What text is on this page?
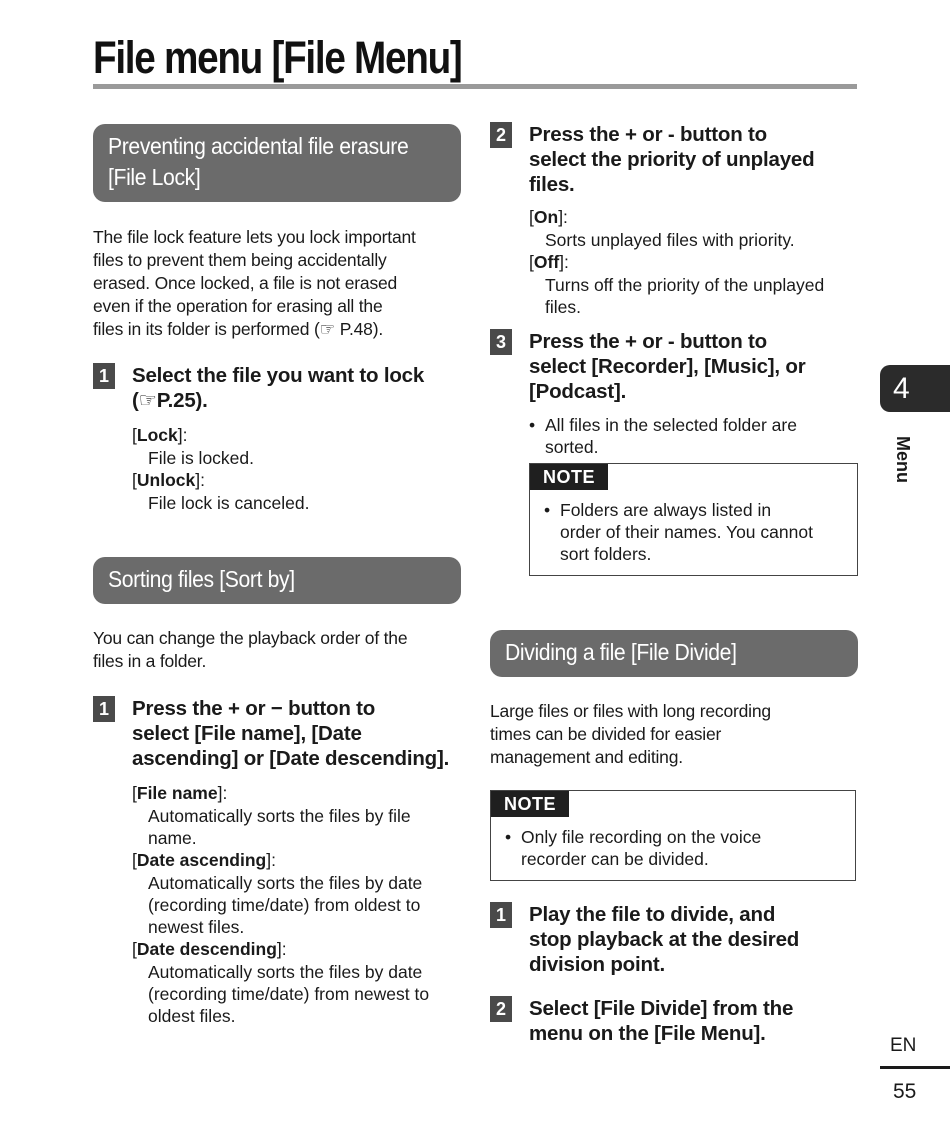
File menu [File Menu]
Preventing accidental file erasure
[File Lock]

The file lock feature lets you lock important

files to prevent them being accidentally

erased. Once locked, a file is not erased

even if the operation for erasing all the

files in its folder is performed (☞ P.48).

1 Select the file you want to lock
(☞P.25).
[Lock]:
File is locked.
[Unlock]:
File lock is canceled.
Sorting files [Sort by]

You can change the playback order of the

files in a folder.

1 Press the + or − button to
select [File name], [Date
ascending] or [Date descending].
[File name]:
Automatically sorts the files by file
name.
[Date ascending]:
Automatically sorts the files by date
(recording time/date) from oldest to
newest files.
[Date descending]:
Automatically sorts the files by date
(recording time/date) from newest to
oldest files.
2 Press the + or - button to
select the priority of unplayed
files.
[On]:
Sorts unplayed files with priority.
[Off]:
Turns off the priority of the unplayed
files.
3 Press the + or - button to
select [Recorder], [Music], or
[Podcast].
• All files in the selected folder are
sorted.
NOTE
• Folders are always listed in
order of their names. You cannot
sort folders.
Dividing a file [File Divide]

Large files or files with long recording

times can be divided for easier

management and editing.

NOTE
• Only file recording on the voice
recorder can be divided.
1 Play the file to divide, and
stop playback at the desired
division point.
2 Select [File Divide] from the
menu on the [File Menu].
4
Menu
EN
55
